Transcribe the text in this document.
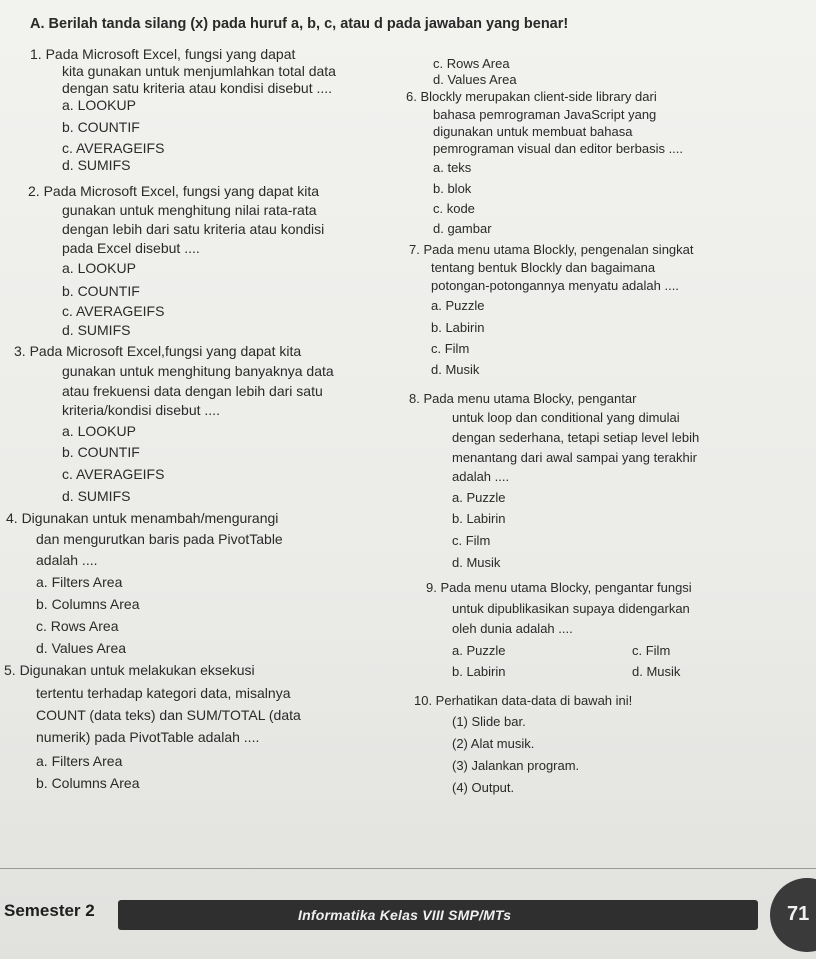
A. Berilah tanda silang (x) pada huruf a, b, c, atau d pada jawaban yang benar!
1. Pada Microsoft Excel, fungsi yang dapat
kita gunakan untuk menjumlahkan total data
dengan satu kriteria atau kondisi disebut ....
a. LOOKUP
b. COUNTIF
c. AVERAGEIFS
d. SUMIFS
2. Pada Microsoft Excel, fungsi yang dapat kita
gunakan untuk menghitung nilai rata-rata
dengan lebih dari satu kriteria atau kondisi
pada Excel disebut ....
a. LOOKUP
b. COUNTIF
c. AVERAGEIFS
d. SUMIFS
3. Pada Microsoft Excel,fungsi yang dapat kita
gunakan untuk menghitung banyaknya data
atau frekuensi data dengan lebih dari satu
kriteria/kondisi disebut ....
a. LOOKUP
b. COUNTIF
c. AVERAGEIFS
d. SUMIFS
4. Digunakan untuk menambah/mengurangi
dan mengurutkan baris pada PivotTable
adalah ....
a. Filters Area
b. Columns Area
c. Rows Area
d. Values Area
5. Digunakan untuk melakukan eksekusi
tertentu terhadap kategori data, misalnya
COUNT (data teks) dan SUM/TOTAL (data
numerik) pada PivotTable adalah ....
a. Filters Area
b. Columns Area
c. Rows Area
d. Values Area
6. Blockly merupakan client-side library dari
bahasa pemrograman JavaScript yang
digunakan untuk membuat bahasa
pemrograman visual dan editor berbasis ....
a. teks
b. blok
c. kode
d. gambar
7. Pada menu utama Blockly, pengenalan singkat
tentang bentuk Blockly dan bagaimana
potongan-potongannya menyatu adalah ....
a. Puzzle
b. Labirin
c. Film
d. Musik
8. Pada menu utama Blocky, pengantar
untuk loop dan conditional yang dimulai
dengan sederhana, tetapi setiap level lebih
menantang dari awal sampai yang terakhir
adalah ....
a. Puzzle
b. Labirin
c. Film
d. Musik
9. Pada menu utama Blocky, pengantar fungsi
untuk dipublikasikan supaya didengarkan
oleh dunia adalah ....
a. Puzzle	c. Film
b. Labirin	d. Musik
10. Perhatikan data-data di bawah ini!
(1) Slide bar.
(2) Alat musik.
(3) Jalankan program.
(4) Output.
Semester 2	Informatika Kelas VIII SMP/MTs	71
